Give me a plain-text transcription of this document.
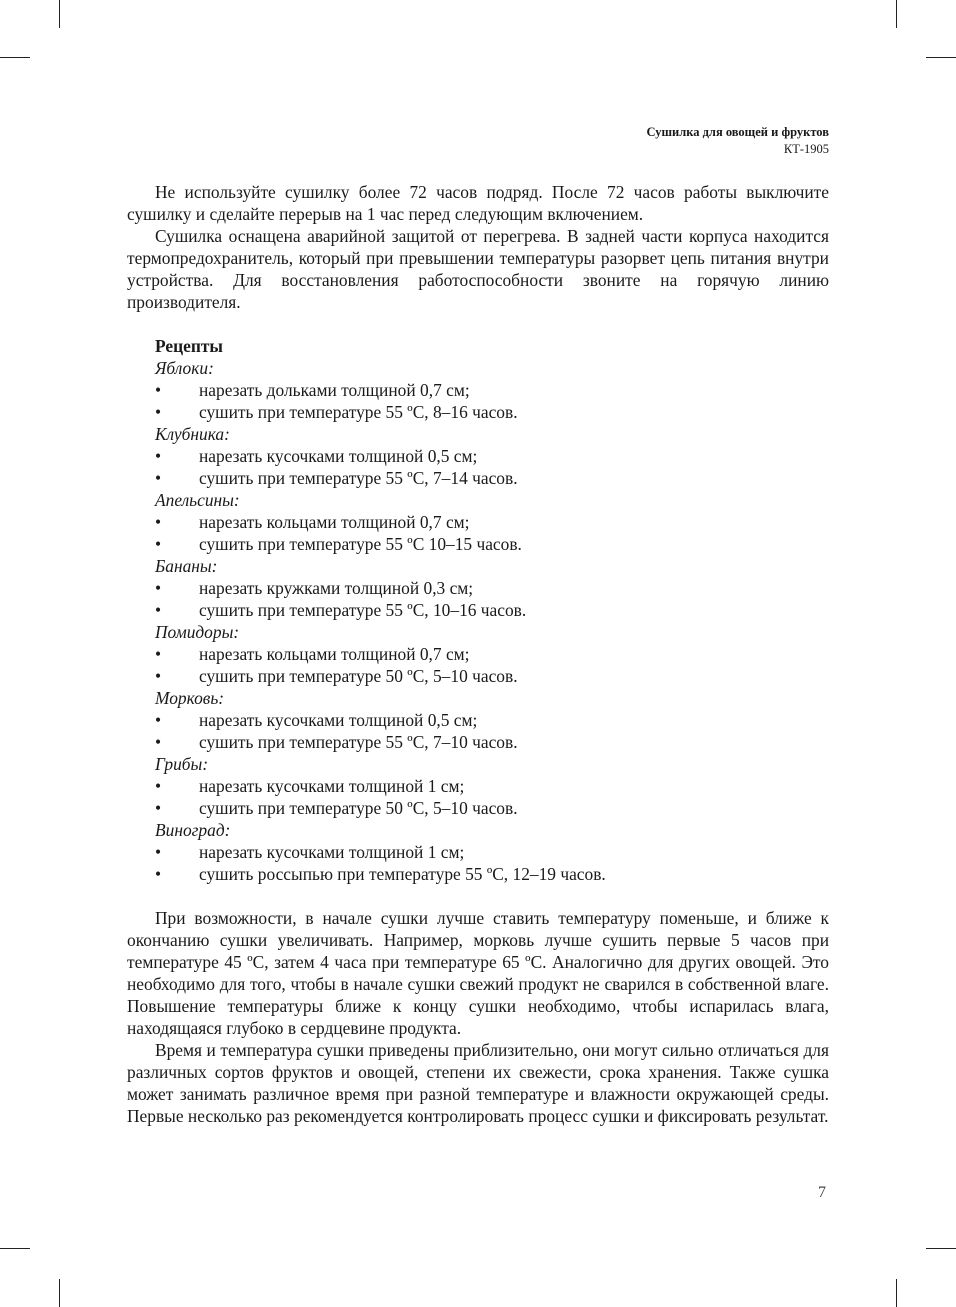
Сушилка для овощей и фруктов
КТ-1905

Не используйте сушилку более 72 часов подряд. После 72 часов работы выключите сушилку и сделайте перерыв на 1 час перед следующим включением.

Сушилка оснащена аварийной защитой от перегрева. В задней части корпуса находится термопредохранитель, который при превышении температуры разорвет цепь питания внутри устройства. Для восстановления работоспособности звоните на горячую линию производителя.

Рецепты
Яблоки:
• нарезать дольками толщиной 0,7 см;
• сушить при температуре 55 ºС, 8–16 часов.
Клубника:
• нарезать кусочками толщиной 0,5 см;
• сушить при температуре 55 ºС, 7–14 часов.
Апельсины:
• нарезать кольцами толщиной 0,7 см;
• сушить при температуре 55 ºС 10–15 часов.
Бананы:
• нарезать кружками толщиной 0,3 см;
• сушить при температуре 55 ºС, 10–16 часов.
Помидоры:
• нарезать кольцами толщиной 0,7 см;
• сушить при температуре 50 ºС, 5–10 часов.
Морковь:
• нарезать кусочками толщиной 0,5 см;
• сушить при температуре 55 ºС, 7–10 часов.
Грибы:
• нарезать кусочками толщиной 1 см;
• сушить при температуре 50 ºС, 5–10 часов.
Виноград:
• нарезать кусочками толщиной 1 см;
• сушить россыпью при температуре 55 ºС, 12–19 часов.

При возможности, в начале сушки лучше ставить температуру поменьше, и ближе к окончанию сушки увеличивать. Например, морковь лучше сушить первые 5 часов при температуре 45 ºС, затем 4 часа при температуре 65 ºС. Аналогично для других овощей. Это необходимо для того, чтобы в начале сушки свежий продукт не сварился в собственной влаге. Повышение температуры ближе к концу сушки необходимо, чтобы испарилась влага, находящаяся глубоко в сердцевине продукта.

Время и температура сушки приведены приблизительно, они могут сильно отличаться для различных сортов фруктов и овощей, степени их свежести, срока хранения. Также сушка может занимать различное время при разной температуре и влажности окружающей среды. Первые несколько раз рекомендуется контролировать процесс сушки и фиксировать результат.

7
